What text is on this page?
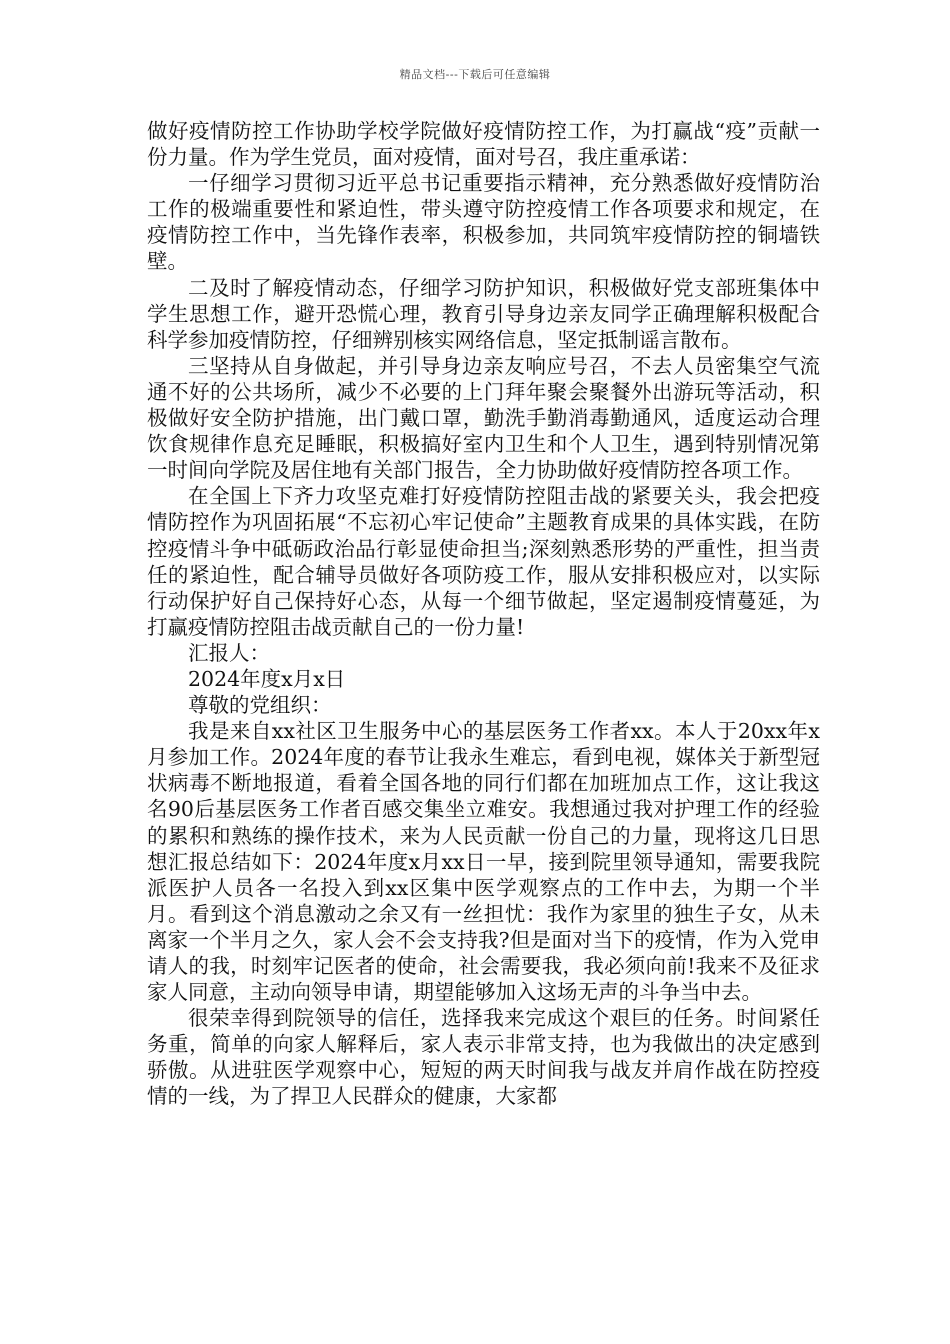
精品文档---下载后可任意编辑

做好疫情防控工作协助学校学院做好疫情防控工作，为打赢战“疫”贡献一份力量。作为学生党员，面对疫情，面对号召，我庄重承诺：

一仔细学习贯彻习近平总书记重要指示精神，充分熟悉做好疫情防治工作的极端重要性和紧迫性，带头遵守防控疫情工作各项要求和规定，在疫情防控工作中，当先锋作表率，积极参加，共同筑牢疫情防控的铜墙铁壁。

二及时了解疫情动态，仔细学习防护知识，积极做好党支部班集体中学生思想工作，避开恐慌心理，教育引导身边亲友同学正确理解积极配合科学参加疫情防控，仔细辨别核实网络信息，坚定抵制谣言散布。

三坚持从自身做起，并引导身边亲友响应号召，不去人员密集空气流通不好的公共场所，减少不必要的上门拜年聚会聚餐外出游玩等活动，积极做好安全防护措施，出门戴口罩，勤洗手勤消毒勤通风，适度运动合理饮食规律作息充足睡眠，积极搞好室内卫生和个人卫生，遇到特别情况第一时间向学院及居住地有关部门报告，全力协助做好疫情防控各项工作。

在全国上下齐力攻坚克难打好疫情防控阻击战的紧要关头，我会把疫情防控作为巩固拓展“不忘初心牢记使命”主题教育成果的具体实践，在防控疫情斗争中砥砺政治品行彰显使命担当;深刻熟悉形势的严重性，担当责任的紧迫性，配合辅导员做好各项防疫工作，服从安排积极应对，以实际行动保护好自己保持好心态，从每一个细节做起，坚定遏制疫情蔓延，为打赢疫情防控阻击战贡献自己的一份力量!

汇报人：

2024年度x月x日

尊敬的党组织：

我是来自xx社区卫生服务中心的基层医务工作者xx。本人于20xx年x月参加工作。2024年度的春节让我永生难忘，看到电视，媒体关于新型冠状病毒不断地报道，看着全国各地的同行们都在加班加点工作，这让我这名90后基层医务工作者百感交集坐立难安。我想通过我对护理工作的经验的累积和熟练的操作技术，来为人民贡献一份自己的力量，现将这几日思想汇报总结如下：2024年度x月xx日一早，接到院里领导通知，需要我院派医护人员各一名投入到xx区集中医学观察点的工作中去，为期一个半月。看到这个消息激动之余又有一丝担忧：我作为家里的独生子女，从未离家一个半月之久，家人会不会支持我?但是面对当下的疫情，作为入党申请人的我，时刻牢记医者的使命，社会需要我，我必须向前!我来不及征求家人同意，主动向领导申请，期望能够加入这场无声的斗争当中去。

很荣幸得到院领导的信任，选择我来完成这个艰巨的任务。时间紧任务重，简单的向家人解释后，家人表示非常支持，也为我做出的决定感到骄傲。从进驻医学观察中心，短短的两天时间我与战友并肩作战在防控疫情的一线，为了捍卫人民群众的健康，大家都
